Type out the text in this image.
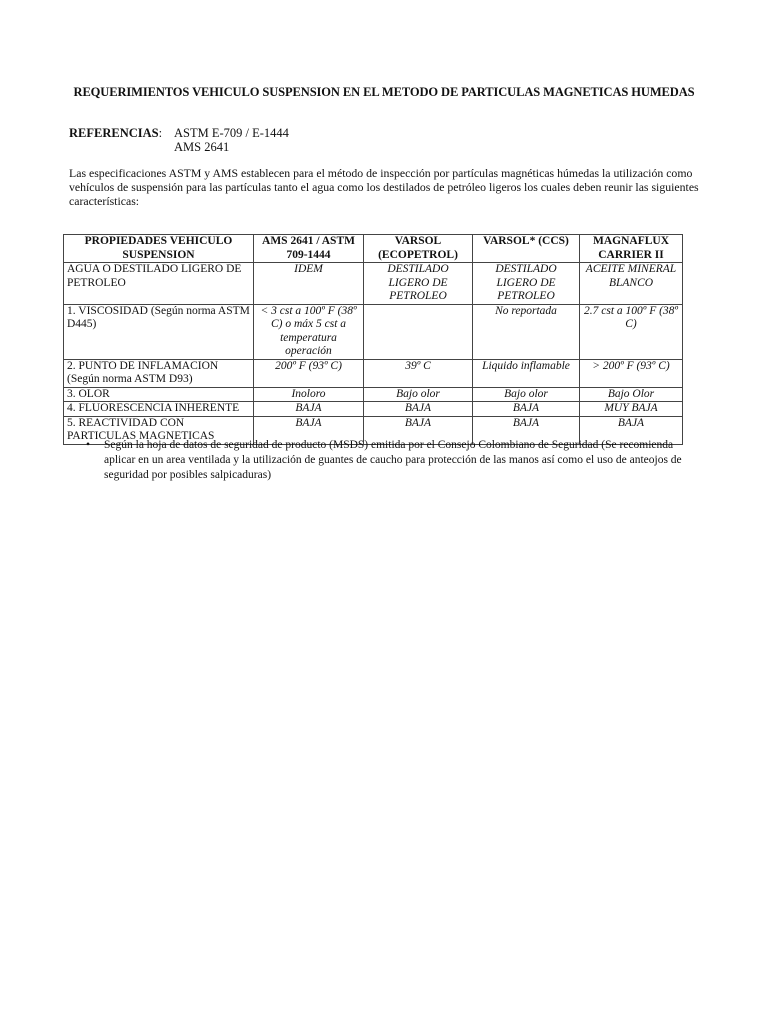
REQUERIMIENTOS VEHICULO SUSPENSION EN EL METODO DE PARTICULAS MAGNETICAS HUMEDAS
REFERENCIAS: ASTM E-709 / E-1444
AMS 2641
Las especificaciones ASTM y AMS establecen para el método de inspección por partículas magnéticas húmedas la utilización como vehículos de suspensión para las partículas tanto el agua como los destilados de petróleo ligeros los cuales deben reunir las siguientes características:
PROPIEDADES VEHICULO SUSPENSION	AMS 2641 / ASTM 709-1444	VARSOL (ECOPETROL)	VARSOL* (CCS)	MAGNAFLUX CARRIER II
AGUA O DESTILADO LIGERO DE PETROLEO	IDEM	DESTILADO LIGERO DE PETROLEO	DESTILADO LIGERO DE PETROLEO	ACEITE MINERAL BLANCO
1. VISCOSIDAD (Según norma ASTM D445)	< 3 cst a 100º F (38º C) o máx 5 cst a temperatura operación		No reportada	2.7 cst a 100º F (38º C)
2. PUNTO DE INFLAMACION (Según norma ASTM D93)	200º F (93º C)	39º C	Liquido inflamable	> 200º F (93º C)
3. OLOR	Inoloro	Bajo olor	Bajo olor	Bajo Olor
4. FLUORESCENCIA INHERENTE	BAJA	BAJA	BAJA	MUY BAJA
5. REACTIVIDAD CON PARTICULAS MAGNETICAS	BAJA	BAJA	BAJA	BAJA
• Según la hoja de datos de seguridad de producto (MSDS) emitida por el Consejo Colombiano de Seguridad (Se recomienda aplicar en un area ventilada y la utilización de guantes de caucho para protección de las manos así como el uso de anteojos de seguridad por posibles salpicaduras)
